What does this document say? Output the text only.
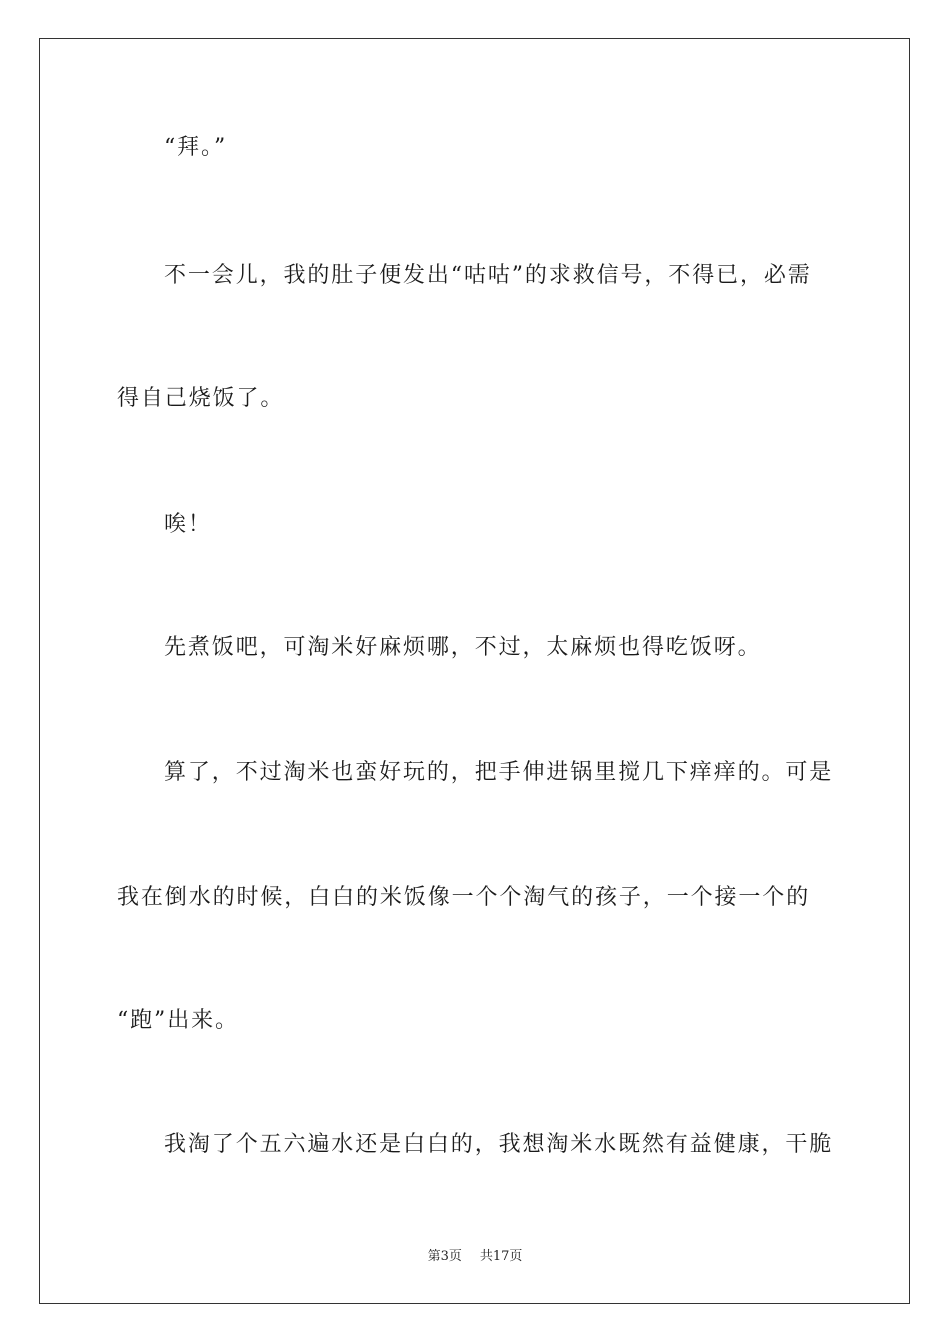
“拜。”
不一会儿，我的肚子便发出“咕咕”的求救信号，不得已，必需
得自己烧饭了。
唉！
先煮饭吧，可淘米好麻烦哪，不过，太麻烦也得吃饭呀。
算了，不过淘米也蛮好玩的，把手伸进锅里搅几下痒痒的。可是
我在倒水的时候，白白的米饭像一个个淘气的孩子，一个接一个的
“跑”出来。
我淘了个五六遍水还是白白的，我想淘米水既然有益健康，干脆
第3页 共17页
